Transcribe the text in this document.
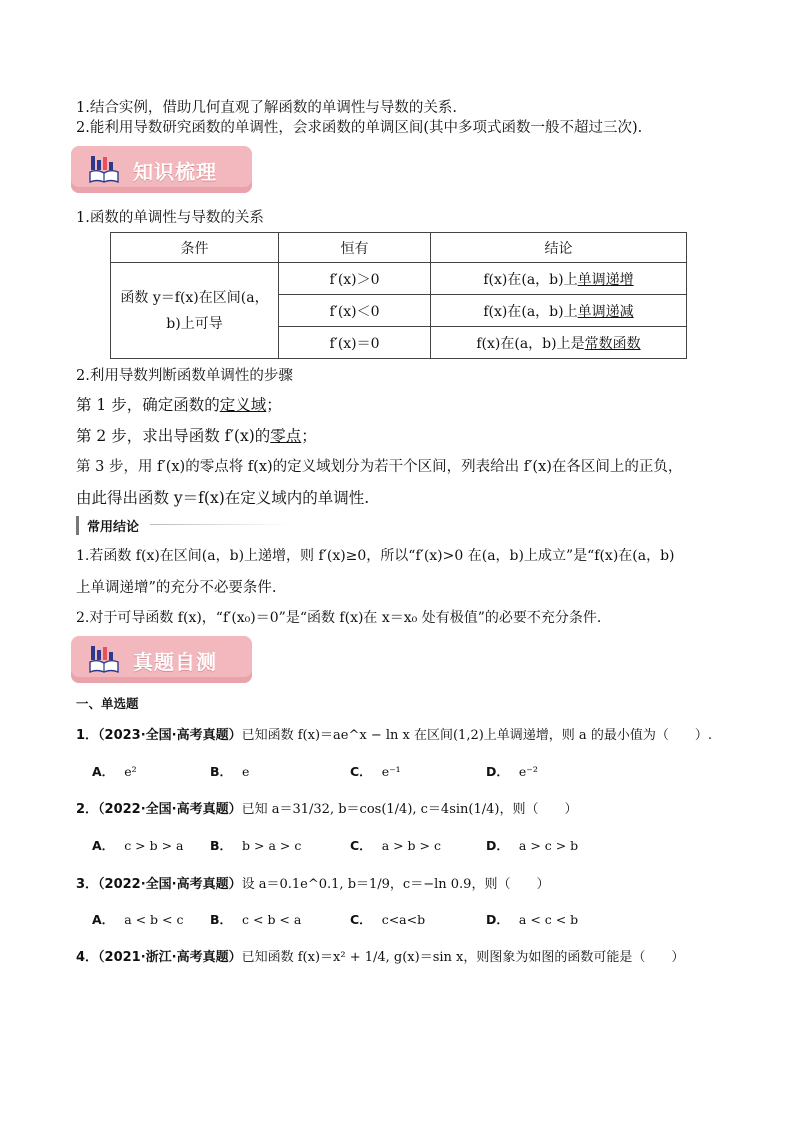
1.结合实例，借助几何直观了解函数的单调性与导数的关系.
2.能利用导数研究函数的单调性，会求函数的单调区间(其中多项式函数一般不超过三次).
知识梳理
1.函数的单调性与导数的关系
条件	恒有	结论
函数 y＝f(x)在区间(a，
b)上可导	f′(x)＞0	f(x)在(a，b)上单调递增
	f′(x)＜0	f(x)在(a，b)上单调递减
	f′(x)＝0	f(x)在(a，b)上是常数函数
2.利用导数判断函数单调性的步骤
第 1 步，确定函数的定义域；
第 2 步，求出导函数 f′(x)的零点；
第 3 步，用 f′(x)的零点将 f(x)的定义域划分为若干个区间，列表给出 f′(x)在各区间上的正负，
由此得出函数 y＝f(x)在定义域内的单调性.
常用结论
1.若函数 f(x)在区间(a，b)上递增，则 f′(x)≥0，所以“f′(x)>0 在(a，b)上成立”是“f(x)在(a，b)
上单调递增”的充分不必要条件.
2.对于可导函数 f(x)，“f′(x₀)＝0”是“函数 f(x)在 x＝x₀ 处有极值”的必要不充分条件.
真题自测
一、单选题
1．（2023·全国·高考真题）已知函数 f(x)＝ae^x − ln x 在区间(1,2)上单调递增，则 a 的最小值为（　　）.
A． e²	B． e	C． e⁻¹	D． e⁻²
2．（2022·全国·高考真题）已知 a＝31/32, b＝cos(1/4), c＝4sin(1/4)，则（　　）
A． c > b > a B． b > a > c	C． a > b > c	D． a > c > b
3．（2022·全国·高考真题）设 a＝0.1e^0.1, b＝1/9，c＝−ln 0.9，则（　　）
A． a < b < c B． c < b < a	C． c<a<b	D． a < c < b
4．（2021·浙江·高考真题）已知函数 f(x)＝x² + 1/4, g(x)＝sin x，则图象为如图的函数可能是（　　）
